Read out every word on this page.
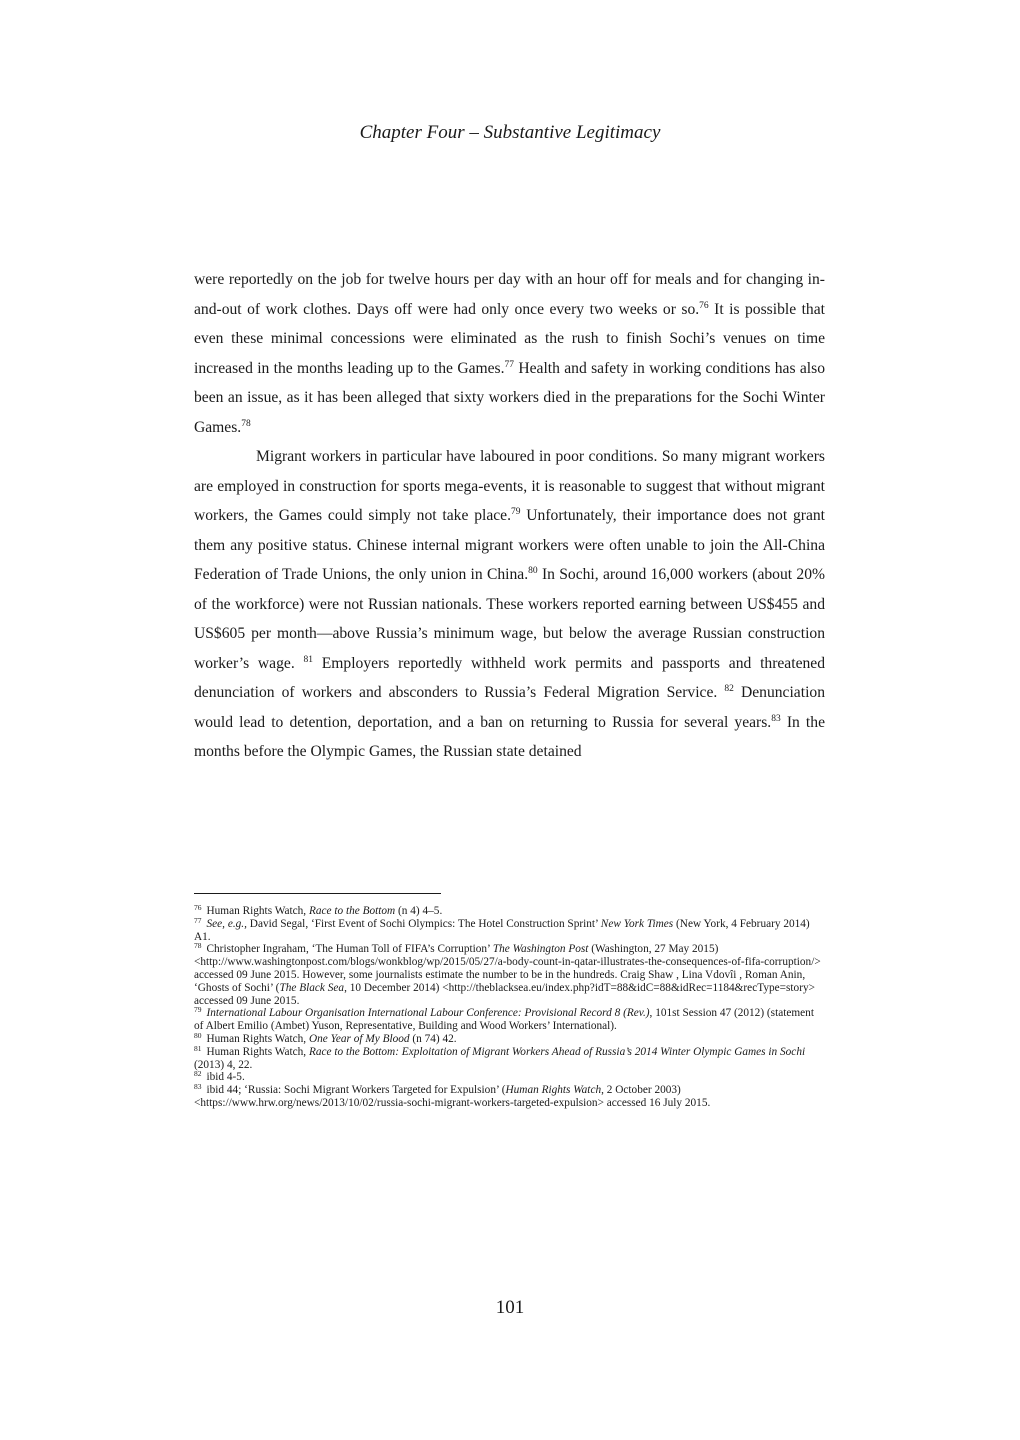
Chapter Four – Substantive Legitimacy

were reportedly on the job for twelve hours per day with an hour off for meals and for changing in-and-out of work clothes. Days off were had only once every two weeks or so.$^{76}$ It is possible that even these minimal concessions were eliminated as the rush to finish Sochi’s venues on time increased in the months leading up to the Games.$^{77}$ Health and safety in working conditions has also been an issue, as it has been alleged that sixty workers died in the preparations for the Sochi Winter Games.$^{78}$

Migrant workers in particular have laboured in poor conditions. So many migrant workers are employed in construction for sports mega-events, it is reasonable to suggest that without migrant workers, the Games could simply not take place.$^{79}$ Unfortunately, their importance does not grant them any positive status. Chinese internal migrant workers were often unable to join the All-China Federation of Trade Unions, the only union in China.$^{80}$ In Sochi, around 16,000 workers (about 20% of the workforce) were not Russian nationals. These workers reported earning between US$455 and US$605 per month—above Russia’s minimum wage, but below the average Russian construction worker’s wage. $^{81}$ Employers reportedly withheld work permits and passports and threatened denunciation of workers and absconders to Russia’s Federal Migration Service. $^{82}$ Denunciation would lead to detention, deportation, and a ban on returning to Russia for several years.$^{83}$ In the months before the Olympic Games, the Russian state detained

$^{76}$ Human Rights Watch, Race to the Bottom (n 4) 4–5.

$^{77}$ See, e.g., David Segal, ‘First Event of Sochi Olympics: The Hotel Construction Sprint’ New York Times (New York, 4 February 2014) A1.

$^{78}$ Christopher Ingraham, ‘The Human Toll of FIFA’s Corruption’ The Washington Post (Washington, 27 May 2015) <http://www.washingtonpost.com/blogs/wonkblog/wp/2015/05/27/a-body-count-in-qatar-illustrates-the-consequences-of-fifa-corruption/> accessed 09 June 2015. However, some journalists estimate the number to be in the hundreds. Craig Shaw , Lina Vdovîi , Roman Anin, ‘Ghosts of Sochi’ (The Black Sea, 10 December 2014) <http://theblacksea.eu/index.php?idT=88&idC=88&idRec=1184&recType=story> accessed 09 June 2015.

$^{79}$ International Labour Organisation International Labour Conference: Provisional Record 8 (Rev.), 101st Session 47 (2012) (statement of Albert Emilio (Ambet) Yuson, Representative, Building and Wood Workers’ International).

$^{80}$ Human Rights Watch, One Year of My Blood (n 74) 42.

$^{81}$ Human Rights Watch, Race to the Bottom: Exploitation of Migrant Workers Ahead of Russia’s 2014 Winter Olympic Games in Sochi (2013) 4, 22.

$^{82}$ ibid 4-5.

$^{83}$ ibid 44; ‘Russia: Sochi Migrant Workers Targeted for Expulsion’ (Human Rights Watch, 2 October 2003) <https://www.hrw.org/news/2013/10/02/russia-sochi-migrant-workers-targeted-expulsion> accessed 16 July 2015.

101
